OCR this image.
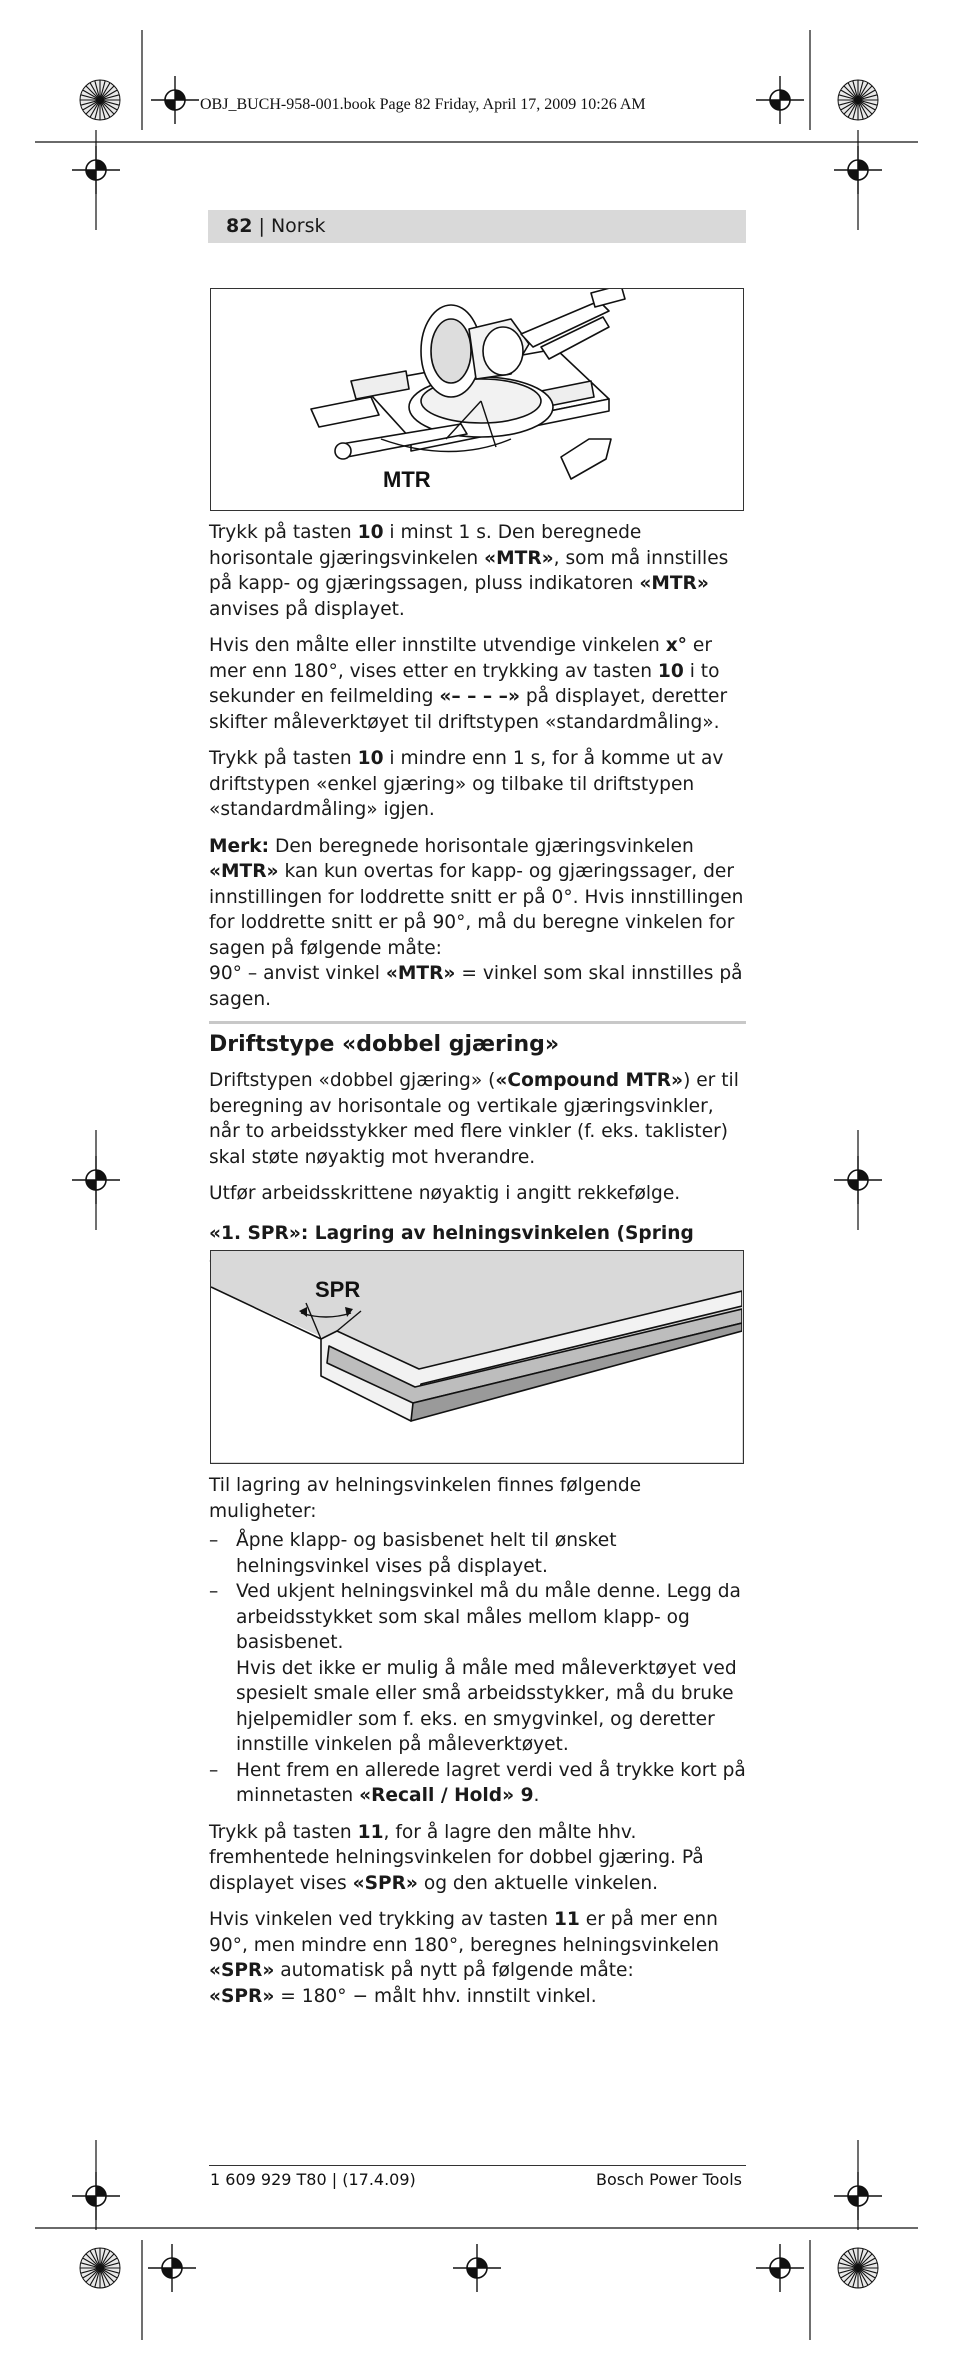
OBJ_BUCH-958-001.book Page 82 Friday, April 17, 2009 10:26 AM
82 | Norsk
MTR

Trykk på tasten 10 i minst 1 s. Den beregnede horisontale gjæringsvinkelen «MTR», som må innstilles på kapp- og gjæringssagen, pluss indikatoren «MTR» anvises på displayet.

Hvis den målte eller innstilte utvendige vinkelen x° er mer enn 180°, vises etter en trykking av tasten 10 i to sekunder en feilmelding «– – – –» på displayet, deretter skifter måleverktøyet til driftstypen «standardmåling».

Trykk på tasten 10 i mindre enn 1 s, for å komme ut av driftstypen «enkel gjæring» og tilbake til driftstypen «standardmåling» igjen.

Merk: Den beregnede horisontale gjæringsvinkelen «MTR» kan kun overtas for kapp- og gjæringssager, der innstillingen for loddrette snitt er på 0°. Hvis innstillingen for loddrette snitt er på 90°, må du beregne vinkelen for sagen på følgende måte:
90° – anvist vinkel «MTR» = vinkel som skal innstilles på sagen.

Driftstype «dobbel gjæring»

Driftstypen «dobbel gjæring» («Compound MTR») er til beregning av horisontale og vertikale gjæringsvinkler, når to arbeidsstykker med flere vinkler (f. eks. taklister) skal støte nøyaktig mot hverandre.

Utfør arbeidsskrittene nøyaktig i angitt rekkefølge.

«1. SPR»: Lagring av helningsvinkelen (Spring

SPR

Til lagring av helningsvinkelen finnes følgende muligheter:

– Åpne klapp- og basisbenet helt til ønsket helningsvinkel vises på displayet.
– Ved ukjent helningsvinkel må du måle denne. Legg da arbeidsstykket som skal måles mellom klapp- og basisbenet.
Hvis det ikke er mulig å måle med måleverktøyet ved spesielt smale eller små arbeidsstykker, må du bruke hjelpemidler som f. eks. en smygvinkel, og deretter innstille vinkelen på måleverktøyet.
– Hent frem en allerede lagret verdi ved å trykke kort på minnetasten «Recall / Hold» 9.

Trykk på tasten 11, for å lagre den målte hhv. fremhentede helningsvinkelen for dobbel gjæring. På displayet vises «SPR» og den aktuelle vinkelen.

Hvis vinkelen ved trykking av tasten 11 er på mer enn 90°, men mindre enn 180°, beregnes helningsvinkelen «SPR» automatisk på nytt på følgende måte:
«SPR» = 180° − målt hhv. innstilt vinkel.

1 609 929 T80 | (17.4.09)	Bosch Power Tools
